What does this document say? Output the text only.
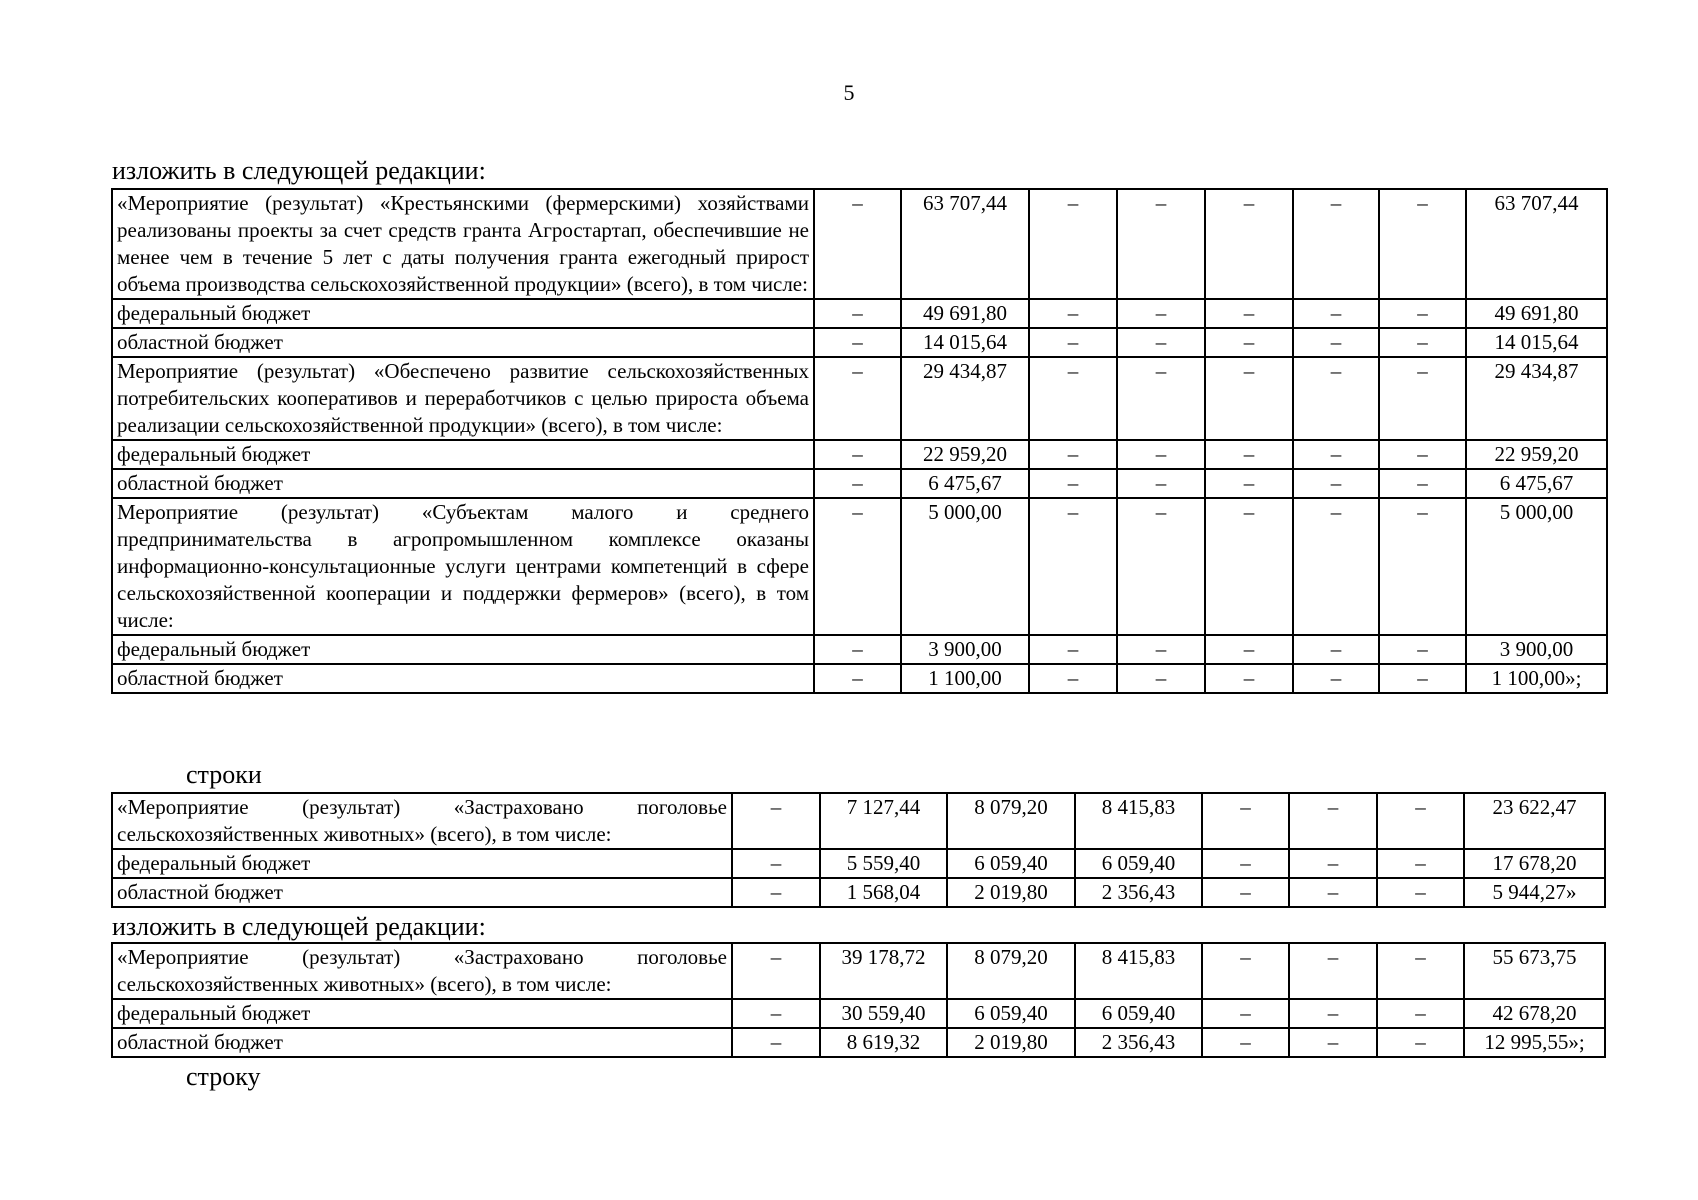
5
изложить в следующей редакции:
«Мероприятие (результат) «Крестьянскими (фермерскими) хозяйствами реализованы проекты за счет средств гранта Агростартап, обеспечившие не менее чем в течение 5 лет с даты получения гранта ежегодный прирост объема производства сельскохозяйственной продукции» (всего), в том числе:	–	63 707,44	–	–	–	–	–	63 707,44
федеральный бюджет	–	49 691,80	–	–	–	–	–	49 691,80
областной бюджет	–	14 015,64	–	–	–	–	–	14 015,64
Мероприятие (результат) «Обеспечено развитие сельскохозяйственных потребительских кооперативов и переработчиков с целью прироста объема реализации сельскохозяйственной продукции» (всего), в том числе:	–	29 434,87	–	–	–	–	–	29 434,87
федеральный бюджет	–	22 959,20	–	–	–	–	–	22 959,20
областной бюджет	–	6 475,67	–	–	–	–	–	6 475,67
Мероприятие (результат) «Субъектам малого и среднего предпринимательства в агропромышленном комплексе оказаны информационно-консультационные услуги центрами компетенций в сфере сельскохозяйственной кооперации и поддержки фермеров» (всего), в том числе:	–	5 000,00	–	–	–	–	–	5 000,00
федеральный бюджет	–	3 900,00	–	–	–	–	–	3 900,00
областной бюджет	–	1 100,00	–	–	–	–	–	1 100,00»;
строки
«Мероприятие (результат) «Застраховано поголовье сельскохозяйственных животных» (всего), в том числе:	–	7 127,44	8 079,20	8 415,83	–	–	–	23 622,47
федеральный бюджет	–	5 559,40	6 059,40	6 059,40	–	–	–	17 678,20
областной бюджет	–	1 568,04	2 019,80	2 356,43	–	–	–	5 944,27»
изложить в следующей редакции:
«Мероприятие (результат) «Застраховано поголовье сельскохозяйственных животных» (всего), в том числе:	–	39 178,72	8 079,20	8 415,83	–	–	–	55 673,75
федеральный бюджет	–	30 559,40	6 059,40	6 059,40	–	–	–	42 678,20
областной бюджет	–	8 619,32	2 019,80	2 356,43	–	–	–	12 995,55»;
строку
